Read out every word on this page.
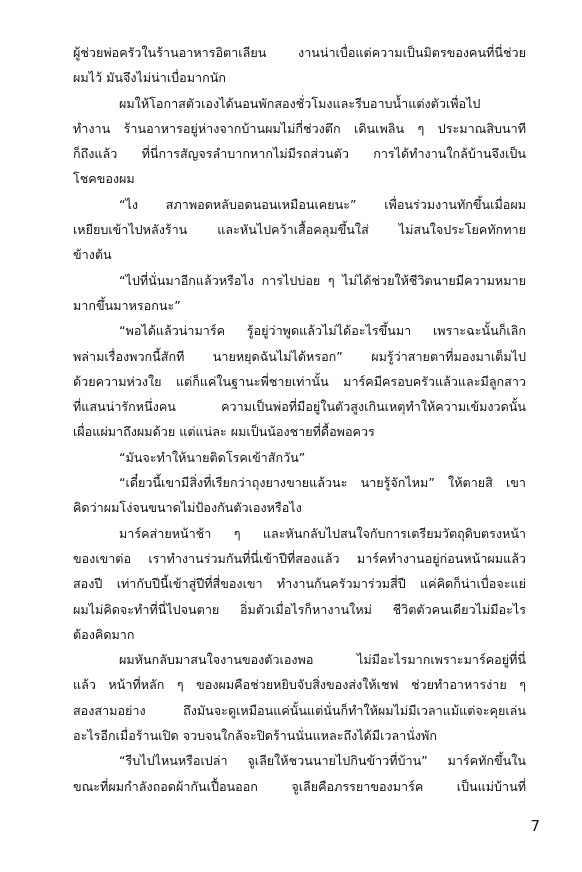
ผู้ช่วยพ่อครัวในร้านอาหารอิตาเลียน งานน่าเบื่อแต่ความเป็นมิตรของคนที่นี่ช่วย
ผมไว้ มันจึงไม่น่าเบื่อมากนัก
ผมให้โอกาสตัวเองได้นอนพักสองชั่วโมงและรีบอาบน้ำแต่งตัวเพื่อไป
ทำงาน ร้านอาหารอยู่ห่างจากบ้านผมไม่กี่ช่วงตึก เดินเพลิน ๆ ประมาณสิบนาที
ก็ถึงแล้ว ที่นี่การสัญจรลำบากหากไม่มีรถส่วนตัว การได้ทำงานใกล้บ้านจึงเป็น
โชคของผม
“ไง สภาพอดหลับอดนอนเหมือนเคยนะ” เพื่อนร่วมงานทักขึ้นเมื่อผม
เหยียบเข้าไปหลังร้าน และหันไปคว้าเสื้อคลุมขึ้นใส่ ไม่สนใจประโยคทักทาย
ข้างต้น
“ไปที่นั่นมาอีกแล้วหรือไง การไปบ่อย ๆ ไม่ได้ช่วยให้ชีวิตนายมีความหมาย
มากขึ้นมาหรอกนะ”
“พอได้แล้วน่ามาร์ค รู้อยู่ว่าพูดแล้วไม่ได้อะไรขึ้นมา เพราะฉะนั้นก็เลิก
พล่ามเรื่องพวกนี้สักที นายหยุดฉันไม่ได้หรอก” ผมรู้ว่าสายตาที่มองมาเต็มไป
ด้วยความห่วงใย แต่ก็แค่ในฐานะพี่ชายเท่านั้น มาร์คมีครอบครัวแล้วและมีลูกสาว
ที่แสนน่ารักหนึ่งคน ความเป็นพ่อที่มีอยู่ในตัวสูงเกินเหตุทำให้ความเข้มงวดนั้น
เผื่อแผ่มาถึงผมด้วย แต่แน่ละ ผมเป็นน้องชายที่ดื้อพอควร
“มันจะทำให้นายติดโรคเข้าสักวัน”
“เดี๋ยวนี้เขามีสิ่งที่เรียกว่าถุงยางขายแล้วนะ นายรู้จักไหม” ให้ตายสิ เขา
คิดว่าผมโง่จนขนาดไม่ป้องกันตัวเองหรือไง
มาร์คส่ายหน้าช้า ๆ และหันกลับไปสนใจกับการเตรียมวัตถุดิบตรงหน้า
ของเขาต่อ เราทำงานร่วมกันที่นี่เข้าปีที่สองแล้ว มาร์คทำงานอยู่ก่อนหน้าผมแล้ว
สองปี เท่ากับปีนี้เข้าสู่ปีที่สี่ของเขา ทำงานก้นครัวมาร่วมสี่ปี แค่คิดก็น่าเบื่อจะแย่
ผมไม่คิดจะทำที่นี่ไปจนตาย อิ่มตัวเมื่อไรก็หางานใหม่ ชีวิตตัวคนเดียวไม่มีอะไร
ต้องคิดมาก
ผมหันกลับมาสนใจงานของตัวเองพอ ไม่มีอะไรมากเพราะมาร์คอยู่ที่นี่
แล้ว หน้าที่หลัก ๆ ของผมคือช่วยหยิบจับสิ่งของส่งให้เชฟ ช่วยทำอาหารง่าย ๆ
สองสามอย่าง ถึงมันจะดูเหมือนแค่นั้นแต่นั่นก็ทำให้ผมไม่มีเวลาแม้แต่จะคุยเล่น
อะไรอีกเมื่อร้านเปิด จวบจนใกล้จะปิดร้านนั่นแหละถึงได้มีเวลานั่งพัก
“รีบไปไหนหรือเปล่า จูเลียให้ชวนนายไปกินข้าวที่บ้าน” มาร์คทักขึ้นใน
ขณะที่ผมกำลังถอดผ้ากันเปื้อนออก จูเลียคือภรรยาของมาร์ค เป็นแม่บ้านที่
7
